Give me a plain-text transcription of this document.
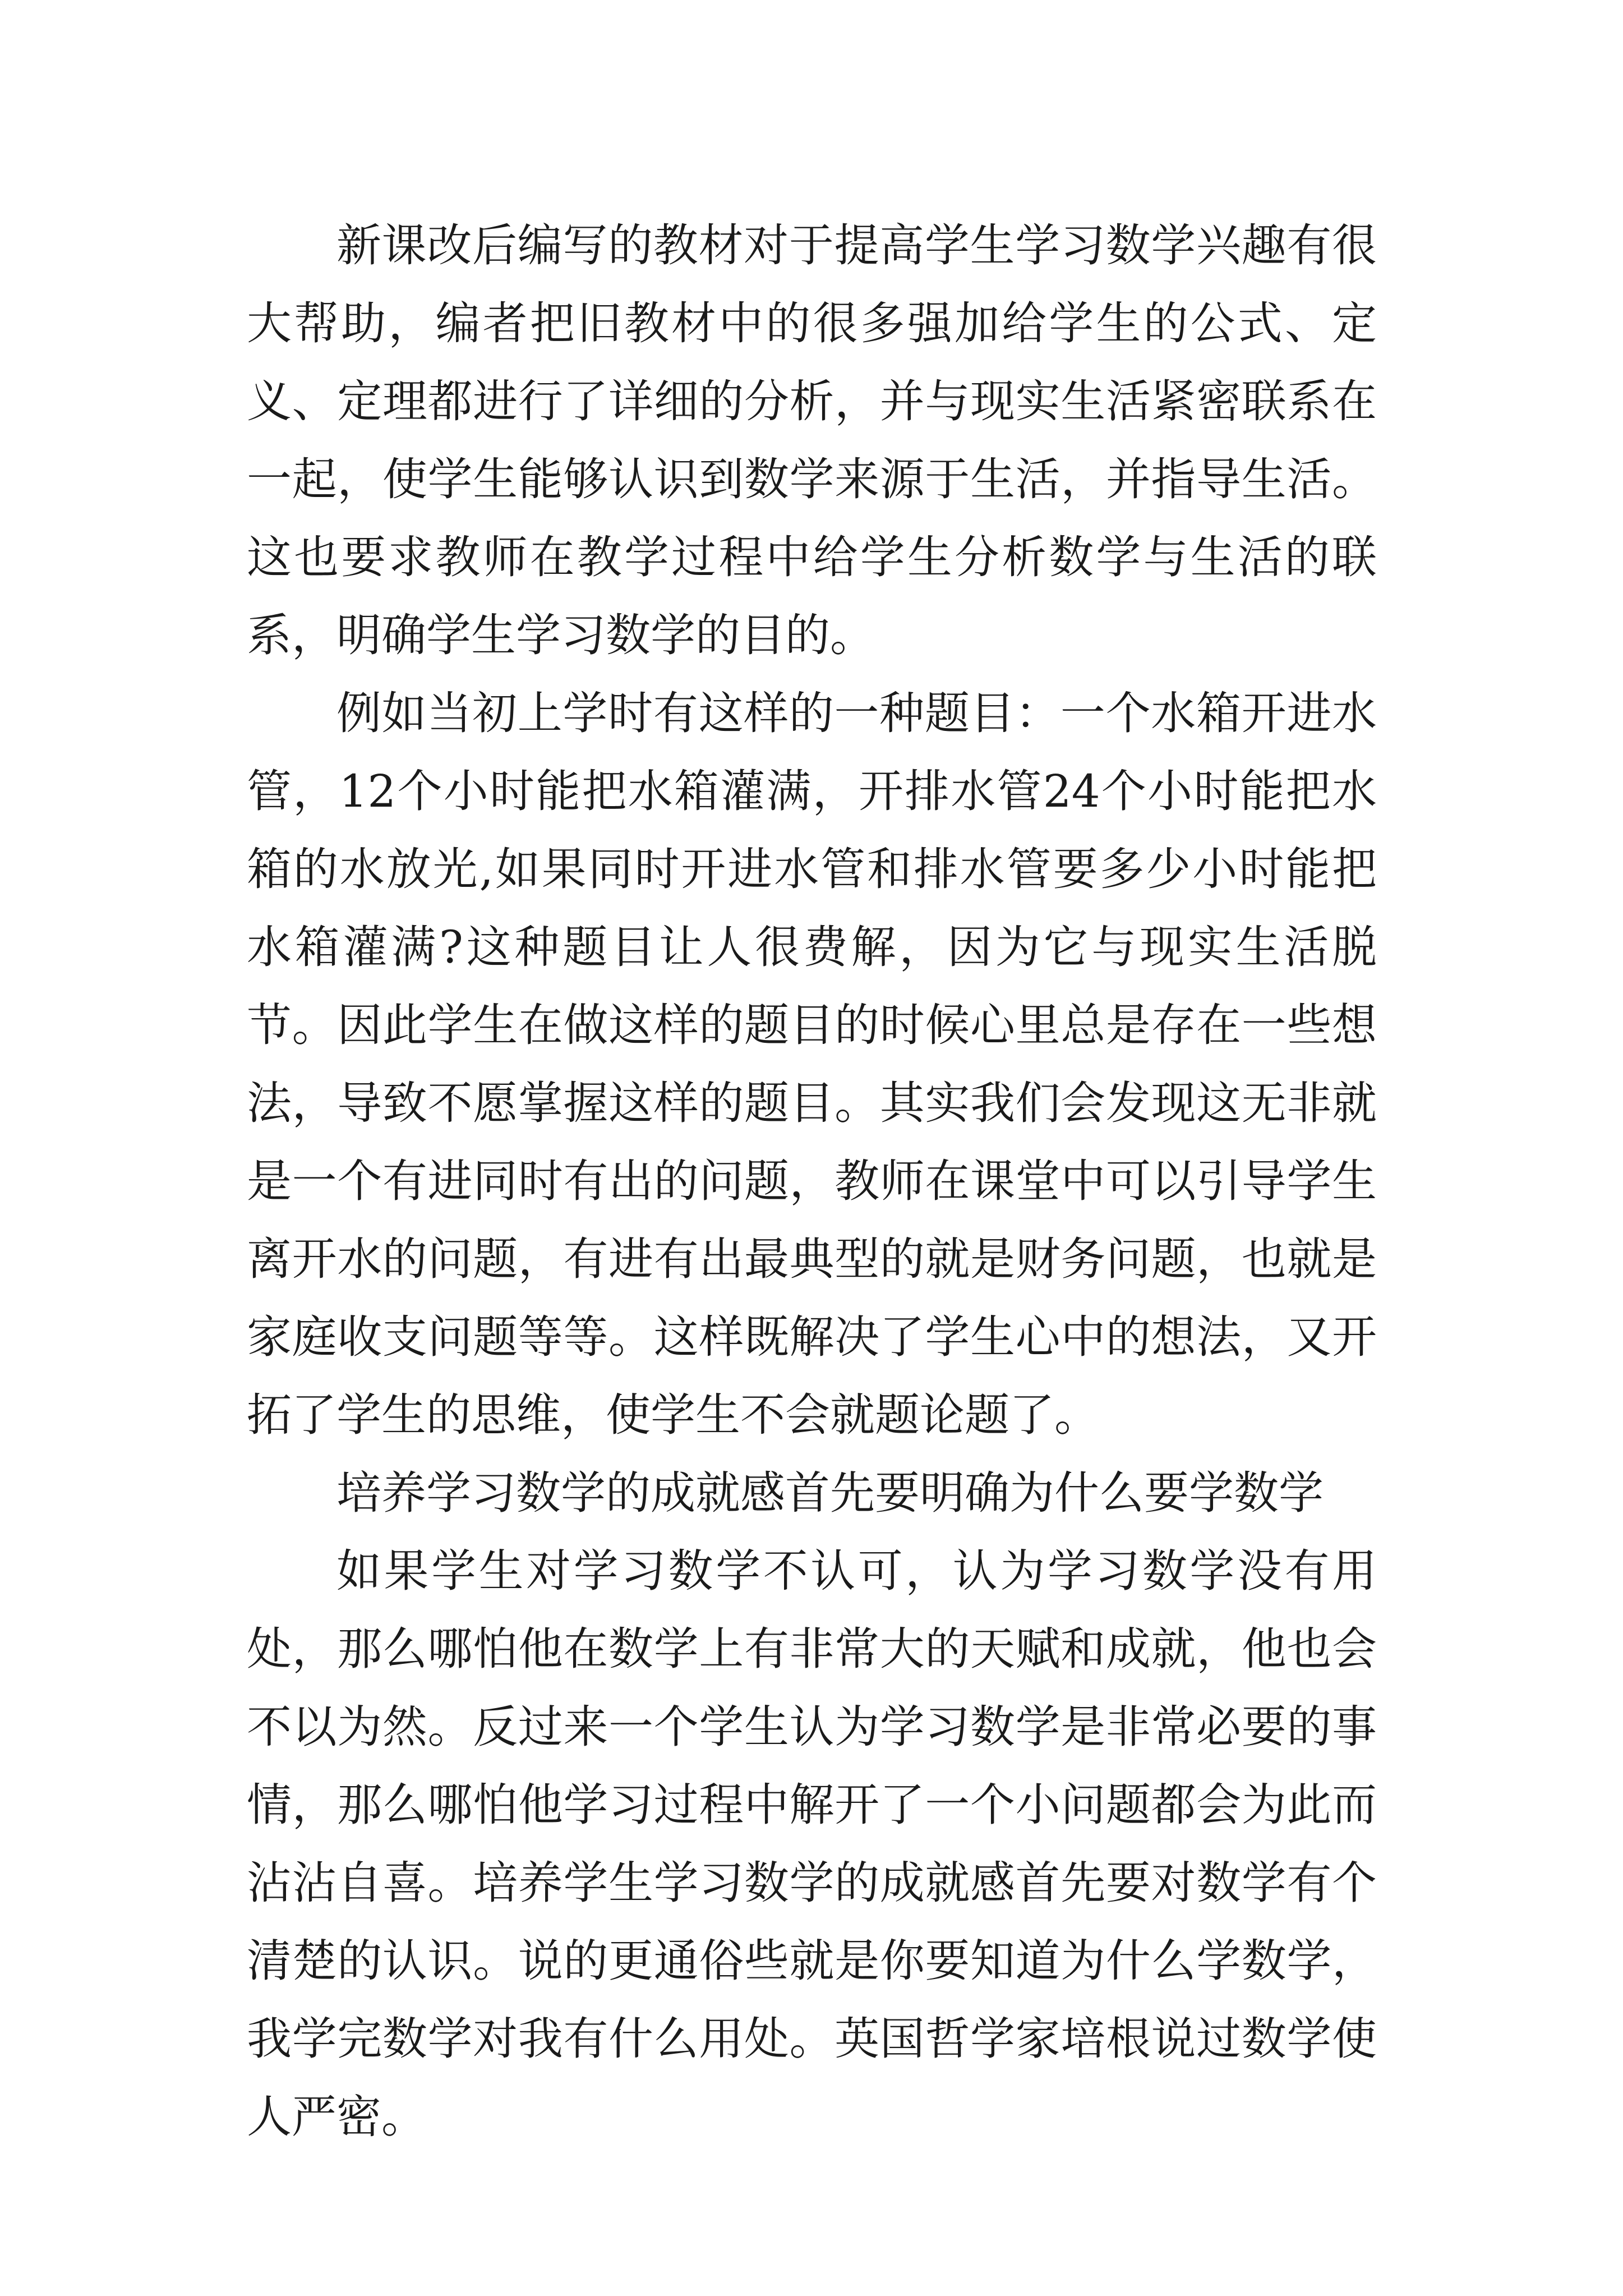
新课改后编写的教材对于提高学生学习数学兴趣有很大帮助，编者把旧教材中的很多强加给学生的公式、定义、定理都进行了详细的分析，并与现实生活紧密联系在一起，使学生能够认识到数学来源于生活，并指导生活。这也要求教师在教学过程中给学生分析数学与生活的联系，明确学生学习数学的目的。

例如当初上学时有这样的一种题目：一个水箱开进水管，12个小时能把水箱灌满，开排水管24个小时能把水箱的水放光,如果同时开进水管和排水管要多少小时能把水箱灌满?这种题目让人很费解，因为它与现实生活脱节。因此学生在做这样的题目的时候心里总是存在一些想法，导致不愿掌握这样的题目。其实我们会发现这无非就是一个有进同时有出的问题，教师在课堂中可以引导学生离开水的问题，有进有出最典型的就是财务问题，也就是家庭收支问题等等。这样既解决了学生心中的想法，又开拓了学生的思维，使学生不会就题论题了。

培养学习数学的成就感首先要明确为什么要学数学

如果学生对学习数学不认可，认为学习数学没有用处，那么哪怕他在数学上有非常大的天赋和成就，他也会不以为然。反过来一个学生认为学习数学是非常必要的事情，那么哪怕他学习过程中解开了一个小问题都会为此而沾沾自喜。培养学生学习数学的成就感首先要对数学有个清楚的认识。说的更通俗些就是你要知道为什么学数学，我学完数学对我有什么用处。英国哲学家培根说过数学使人严密。
